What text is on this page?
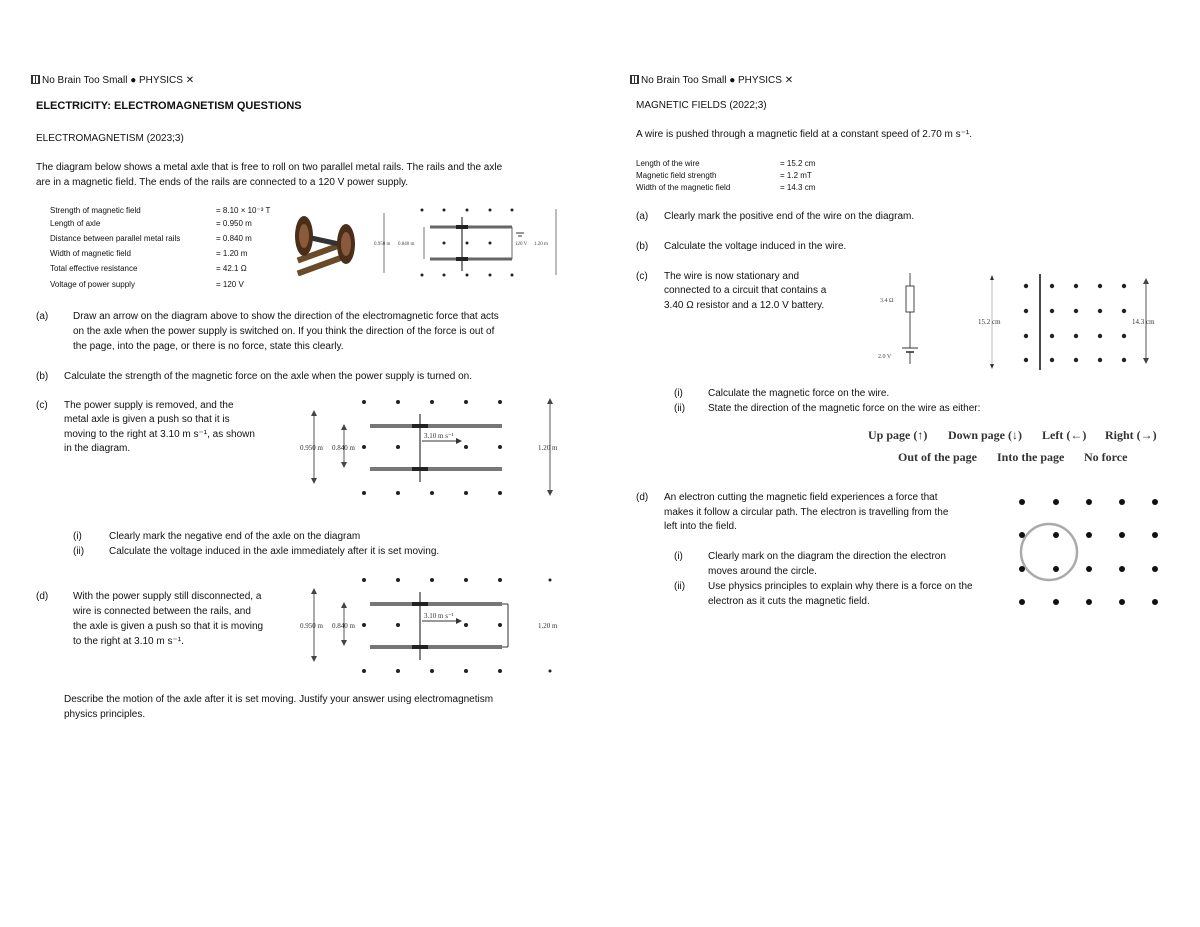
No Brain Too Small ● PHYSICS ✕
ELECTRICITY: ELECTROMAGNETISM QUESTIONS
ELECTROMAGNETISM (2023;3)
The diagram below shows a metal axle that is free to roll on two parallel metal rails. The rails and the axle
are in a magnetic field. The ends of the rails are connected to a 120 V power supply.
Strength of magnetic field	= 8.10 × 10⁻³ T
Length of axle	= 0.950 m
Distance between parallel metal rails	= 0.840 m
Width of magnetic field	= 1.20 m
Total effective resistance	= 42.1 Ω
Voltage of power supply	= 120 V
0.950 m 0.840 m	120 V 1.20 m
(a) Draw an arrow on the diagram above to show the direction of the electromagnetic force that acts
on the axle when the power supply is switched on. If you think the direction of the force is out of
the page, into the page, or there is no force, state this clearly.
(b) Calculate the strength of the magnetic force on the axle when the power supply is turned on.
(c) The power supply is removed, and the
metal axle is given a push so that it is
moving to the right at 3.10 m s⁻¹, as shown
in the diagram.	0.950 m 0.840 m
3.10 m s⁻¹
1.20 m
(i)	Clearly mark the negative end of the axle on the diagram
(ii) Calculate the voltage induced in the axle immediately after it is set moving.
(d) With the power supply still disconnected, a
wire is connected between the rails, and
the axle is given a push so that it is moving
to the right at 3.10 m s⁻¹.
0.950 m 0.840 m
3.10 m s⁻¹
1.20 m
Describe the motion of the axle after it is set moving. Justify your answer using electromagnetism
physics principles.
No Brain Too Small ● PHYSICS ✕
MAGNETIC FIELDS (2022;3)
A wire is pushed through a magnetic field at a constant speed of 2.70 m s⁻¹.
Length of the wire	= 15.2 cm
Magnetic field strength	= 1.2 mT
Width of the magnetic field	= 14.3 cm
(a) Clearly mark the positive end of the wire on the diagram.
(b) Calculate the voltage induced in the wire.
(c) The wire is now stationary and
connected to a circuit that contains a
3.40 Ω resistor and a 12.0 V battery.	3.4 Ω
2.0 V
15.2 cm	14.3 cm
(i)	Calculate the magnetic force on the wire.
(ii) State the direction of the magnetic force on the wire as either:
Up page (↑) Down page (↓) Left (←) Right (→)
Out of the page Into the page No force
(d) An electron cutting the magnetic field experiences a force that
makes it follow a circular path. The electron is travelling from the
left into the field.
(i)	Clearly mark on the diagram the direction the electron
moves around the circle.
(ii) Use physics principles to explain why there is a force on the
electron as it cuts the magnetic field.
